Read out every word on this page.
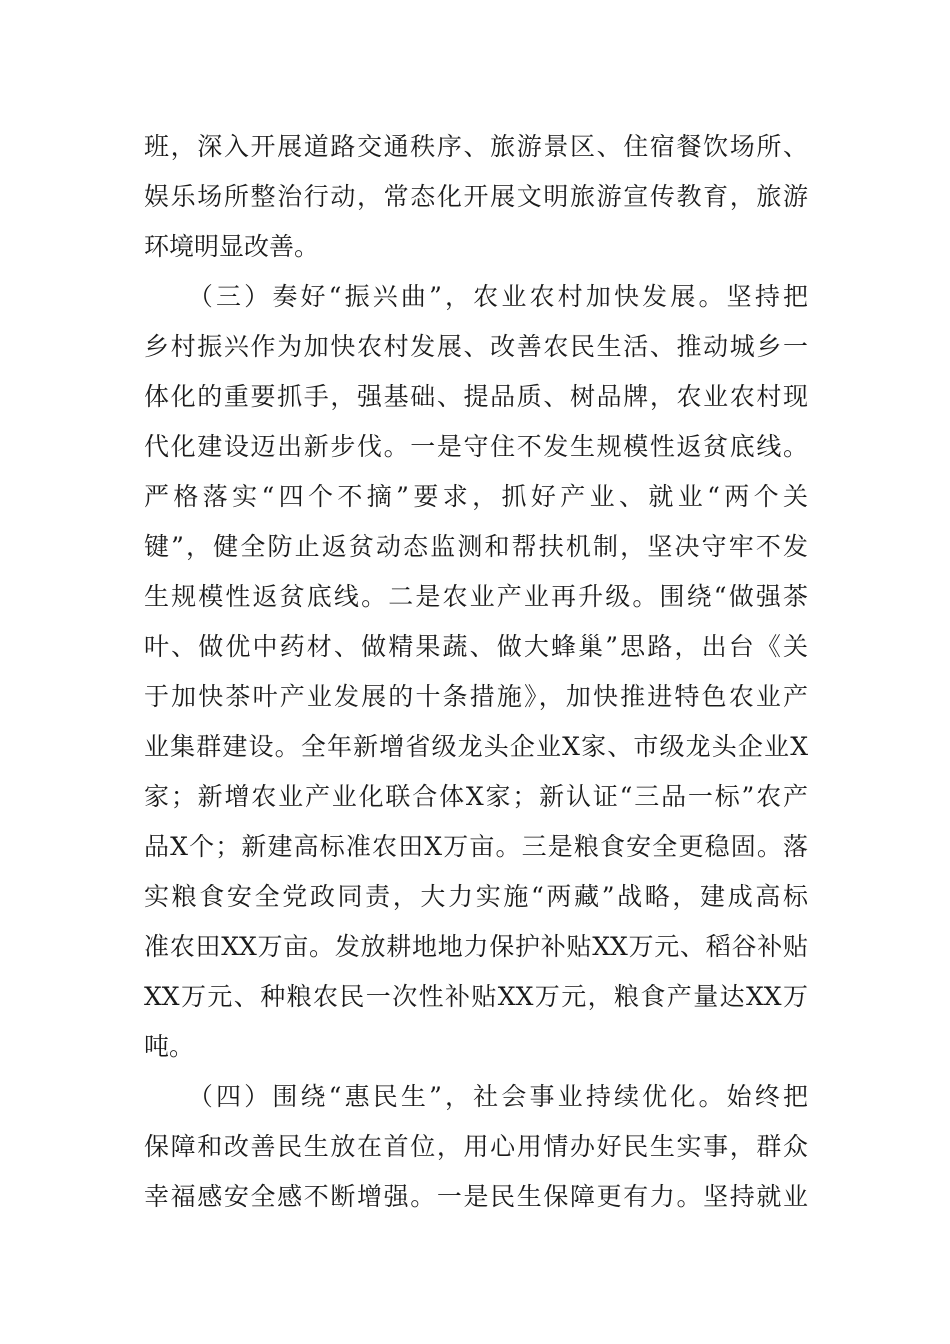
班，深入开展道路交通秩序、旅游景区、住宿餐饮场所、
娱乐场所整治行动，常态化开展文明旅游宣传教育，旅游
环境明显改善。
　　（三）奏好“振兴曲”，农业农村加快发展。坚持把
乡村振兴作为加快农村发展、改善农民生活、推动城乡一
体化的重要抓手，强基础、提品质、树品牌，农业农村现
代化建设迈出新步伐。一是守住不发生规模性返贫底线。
严格落实“四个不摘”要求，抓好产业、就业“两个关
键”，健全防止返贫动态监测和帮扶机制，坚决守牢不发
生规模性返贫底线。二是农业产业再升级。围绕“做强茶
叶、做优中药材、做精果蔬、做大蜂巢”思路，出台《关
于加快茶叶产业发展的十条措施》，加快推进特色农业产
业集群建设。全年新增省级龙头企业X家、市级龙头企业X
家；新增农业产业化联合体X家；新认证“三品一标”农产
品X个；新建高标准农田X万亩。三是粮食安全更稳固。落
实粮食安全党政同责，大力实施“两藏”战略，建成高标
准农田XX万亩。发放耕地地力保护补贴XX万元、稻谷补贴
XX万元、种粮农民一次性补贴XX万元，粮食产量达XX万
吨。
　　（四）围绕“惠民生”，社会事业持续优化。始终把
保障和改善民生放在首位，用心用情办好民生实事，群众
幸福感安全感不断增强。一是民生保障更有力。坚持就业
